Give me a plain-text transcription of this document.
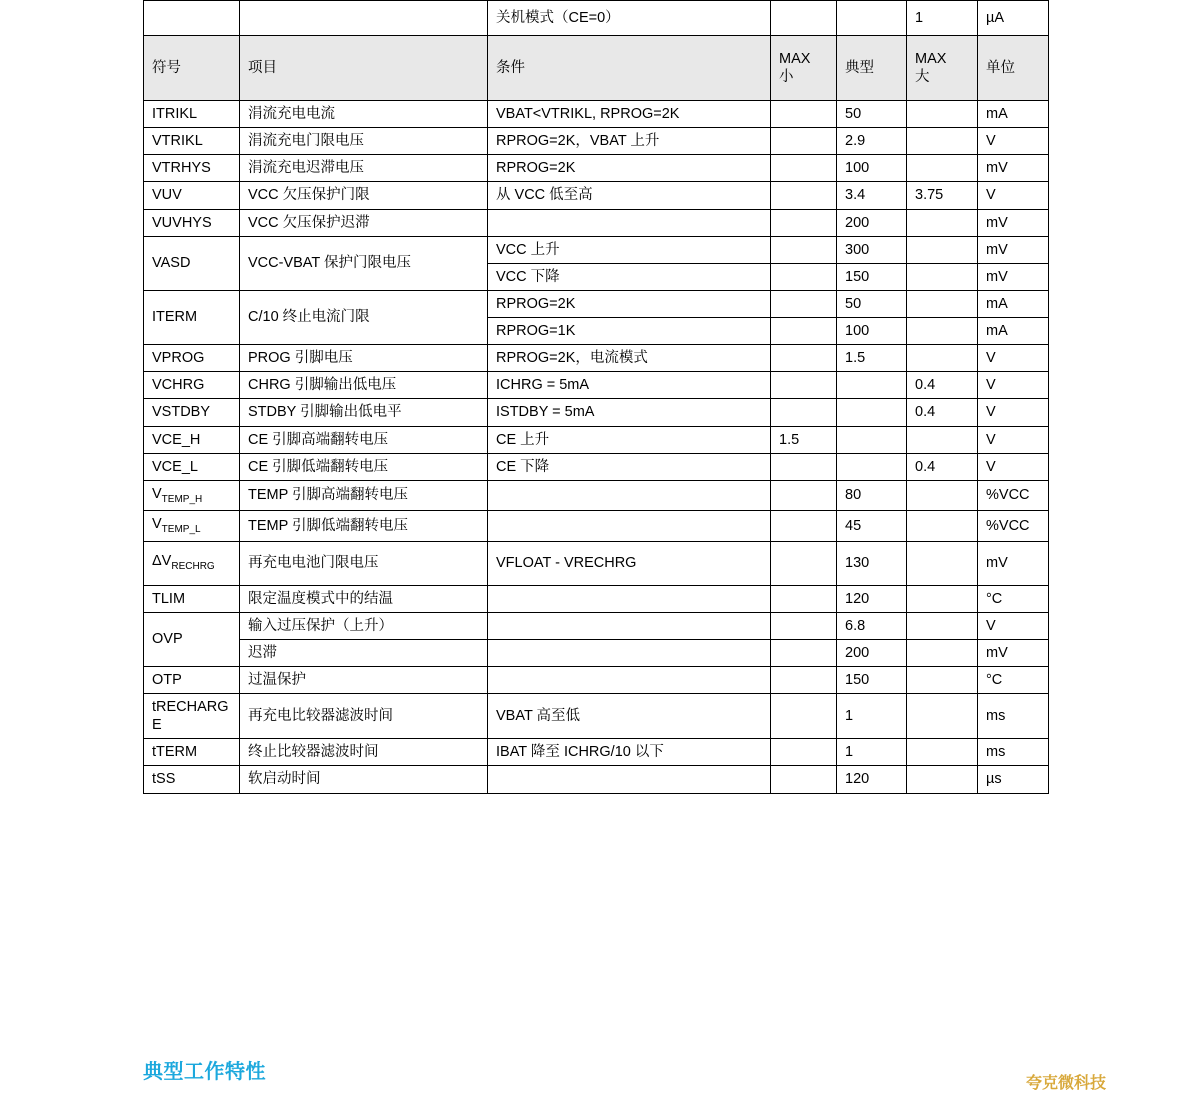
		关机模式（CE=0）			1	µA
符号	项目	条件	
MAX
小
	典型	
MAX
大
	单位
ITRIKL	涓流充电电流	VBAT<VTRIKL, RPROG=2K		50		mA
VTRIKL	涓流充电门限电压	RPROG=2K，VBAT 上升		2.9		V
VTRHYS	涓流充电迟滞电压	RPROG=2K		100		mV
VUV	VCC 欠压保护门限	从 VCC 低至高		3.4	3.75	V
VUVHYS	VCC 欠压保护迟滞			200		mV
VASD	VCC-VBAT 保护门限电压	VCC 上升		300		mV
		VCC 下降		150		mV
ITERM	C/10 终止电流门限	RPROG=2K		50		mA
		RPROG=1K		100		mA
VPROG	PROG 引脚电压	RPROG=2K，电流模式		1.5		V
VCHRG	CHRG 引脚输出低电压	ICHRG = 5mA			0.4	V
VSTDBY	STDBY 引脚输出低电平	ISTDBY = 5mA			0.4	V
VCE_H	CE 引脚高端翻转电压	CE 上升	1.5			V
VCE_L	CE 引脚低端翻转电压	CE 下降			0.4	V
$V_{TEMP\_H}$	TEMP 引脚高端翻转电压			80		%VCC
$V_{TEMP\_L}$	TEMP 引脚低端翻转电压			45		%VCC
$\Delta V_{RECHRG}$	再充电电池门限电压	VFLOAT - VRECHRG		130		mV
TLIM	限定温度模式中的结温			120		°C
OVP	输入过压保护（上升）			6.8		V
	迟滞			200		mV
OTP	过温保护			150		°C
tRECHARGE	再充电比较器滤波时间	VBAT 高至低		1		ms
tTERM	终止比较器滤波时间	IBAT 降至 ICHRG/10 以下		1		ms
tSS	软启动时间			120		µs
典型工作特性
夸克微科技
